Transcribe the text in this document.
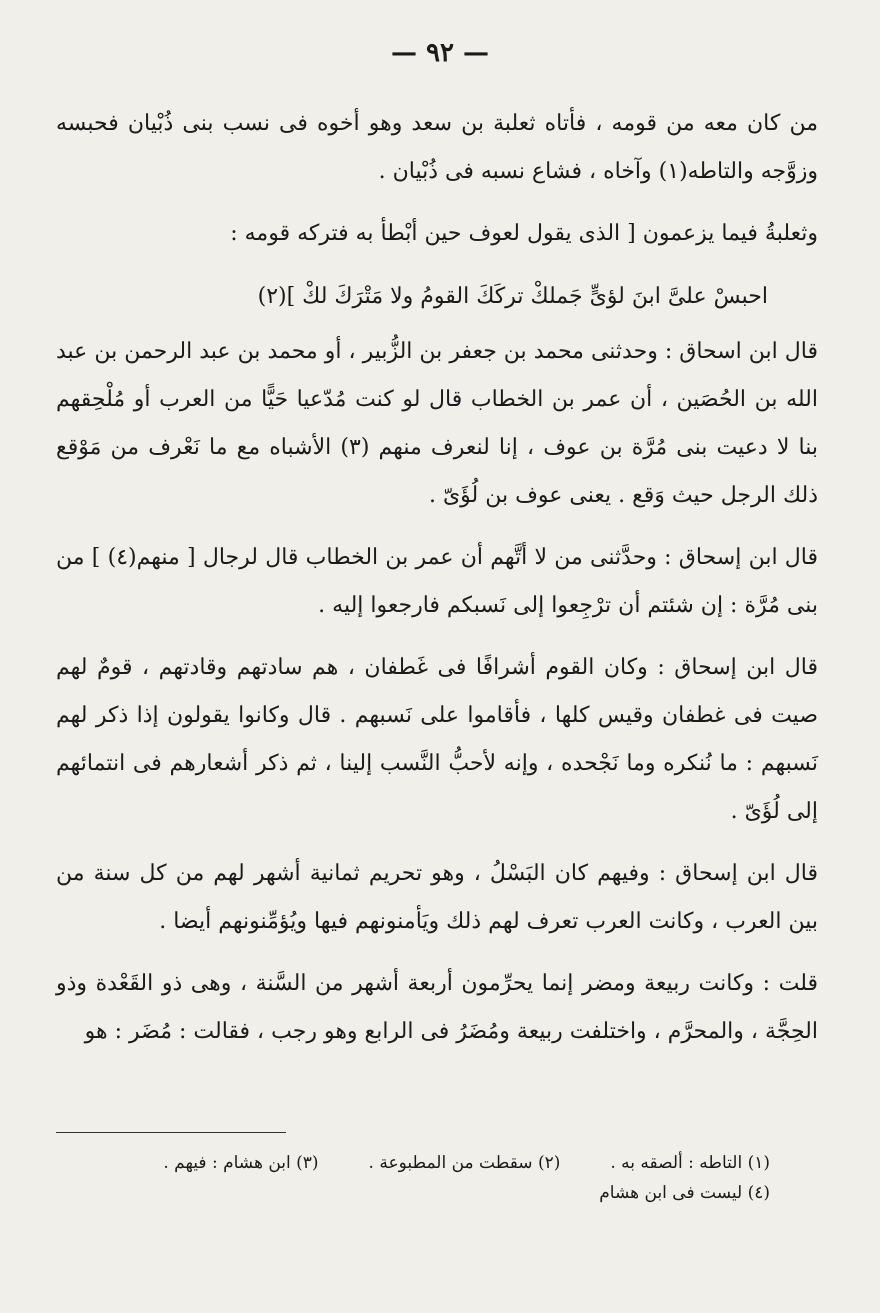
— ٩٢ —

من كان معه من قومه ، فأتاه ثعلبة بن سعد وهو أخوه فى نسب بنى ذُبْيان فحبسه وزوَّجه والتاطه(١) وآخاه ، فشاع نسبه فى ذُبْيان .

وثعلبةُ فيما يزعمون [ الذى يقول لعوف حين أبْطأ به فتركه قومه :

احبسْ علىَّ ابنَ لؤىٍّ جَملكْ تركَكَ القومُ ولا مَتْرَكَ لكْ ](٢)

قال ابن اسحاق : وحدثنى محمد بن جعفر بن الزُّبير ، أو محمد بن عبد الرحمن بن عبد الله بن الحُصَين ، أن عمر بن الخطاب قال لو كنت مُدّعيا حَيًّا من العرب أو مُلْحِقهم بنا لا دعيت بنى مُرَّة بن عوف ، إنا لنعرف منهم (٣) الأشباه مع ما نَعْرف من مَوْقع ذلك الرجل حيث وَقع . يعنى عوف بن لُؤَىّ .

قال ابن إسحاق : وحدَّثنى من لا أتَّهم أن عمر بن الخطاب قال لرجال [ منهم(٤) ] من بنى مُرَّة : إن شئتم أن ترْجِعوا إلى نَسبكم فارجعوا إليه .

قال ابن إسحاق : وكان القوم أشرافًا فى غَطفان ، هم سادتهم وقادتهم ، قومٌ لهم صيت فى غطفان وقيس كلها ، فأقاموا على نَسبهم . قال وكانوا يقولون إذا ذكر لهم نَسبهم : ما نُنكره وما نَجْحده ، وإنه لأحبُّ النَّسب إلينا ، ثم ذكر أشعارهم فى انتمائهم إلى لُؤَىّ .

قال ابن إسحاق : وفيهم كان البَسْلُ ، وهو تحريم ثمانية أشهر لهم من كل سنة من بين العرب ، وكانت العرب تعرف لهم ذلك ويَأمنونهم فيها ويُؤمِّنونهم أيضا .

قلت : وكانت ربيعة ومضر إنما يحرِّمون أربعة أشهر من السَّنة ، وهى ذو القَعْدة وذو الحِجَّة ، والمحرَّم ، واختلفت ربيعة ومُضَرُ فى الرابع وهو رجب ، فقالت : مُضَر : هو

(١) التاطه : ألصقه به .
(٢) سقطت من المطبوعة .
(٣) ابن هشام : فيهم .
(٤) ليست فى ابن هشام
